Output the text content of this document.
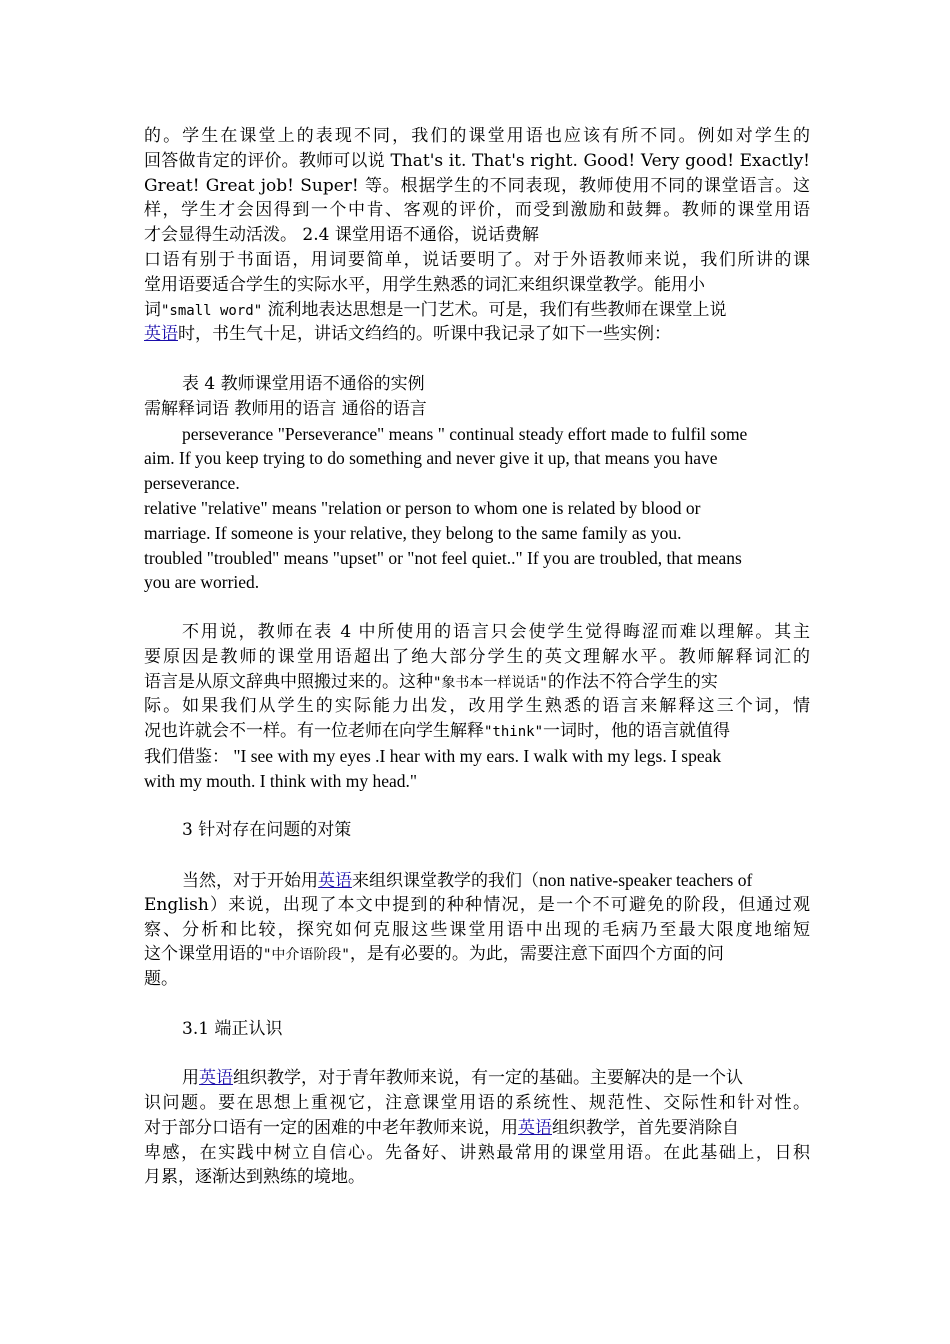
的。学生在课堂上的表现不同，我们的课堂用语也应该有所不同。例如对学生的
回答做肯定的评价。教师可以说 That's it. That's right. Good! Very good! Exactly!
Great! Great job! Super! 等。根据学生的不同表现，教师使用不同的课堂语言。这
样，学生才会因得到一个中肯、客观的评价，而受到激励和鼓舞。教师的课堂用语
才会显得生动活泼。 2.4 课堂用语不通俗，说话费解
口语有别于书面语，用词要简单，说话要明了。对于外语教师来说，我们所讲的课
堂用语要适合学生的实际水平，用学生熟悉的词汇来组织课堂教学。能用小
词"small word" 流利地表达思想是一门艺术。可是，我们有些教师在课堂上说
英语时，书生气十足，讲话文绉绉的。听课中我记录了如下一些实例：
表 4 教师课堂用语不通俗的实例
需解释词语 教师用的语言 通俗的语言
perseverance "Perseverance" means " continual steady effort made to fulfil some
aim. If you keep trying to do something and never give it up, that means you have
perseverance.
relative "relative" means "relation or person to whom one is related by blood or
marriage. If someone is your relative, they belong to the same family as you.
troubled "troubled" means "upset" or "not feel quiet.." If you are troubled, that means
you are worried.
不用说，教师在表 4 中所使用的语言只会使学生觉得晦涩而难以理解。其主
要原因是教师的课堂用语超出了绝大部分学生的英文理解水平。教师解释词汇的
语言是从原文辞典中照搬过来的。这种"象书本一样说话"的作法不符合学生的实
际。如果我们从学生的实际能力出发，改用学生熟悉的语言来解释这三个词，情
况也许就会不一样。有一位老师在向学生解释"think"一词时，他的语言就值得
我们借鉴： "I see with my eyes .I hear with my ears. I walk with my legs. I speak
with my mouth. I think with my head."
3 针对存在问题的对策
当然，对于开始用英语来组织课堂教学的我们（non native-speaker teachers of
English）来说，出现了本文中提到的种种情况，是一个不可避免的阶段，但通过观
察、分析和比较，探究如何克服这些课堂用语中出现的毛病乃至最大限度地缩短
这个课堂用语的"中介语阶段"，是有必要的。为此，需要注意下面四个方面的问
题。
3.1 端正认识
用英语组织教学，对于青年教师来说，有一定的基础。主要解决的是一个认
识问题。要在思想上重视它，注意课堂用语的系统性、规范性、交际性和针对性。
对于部分口语有一定的困难的中老年教师来说，用英语组织教学，首先要消除自
卑感，在实践中树立自信心。先备好、讲熟最常用的课堂用语。在此基础上，日积
月累，逐渐达到熟练的境地。
